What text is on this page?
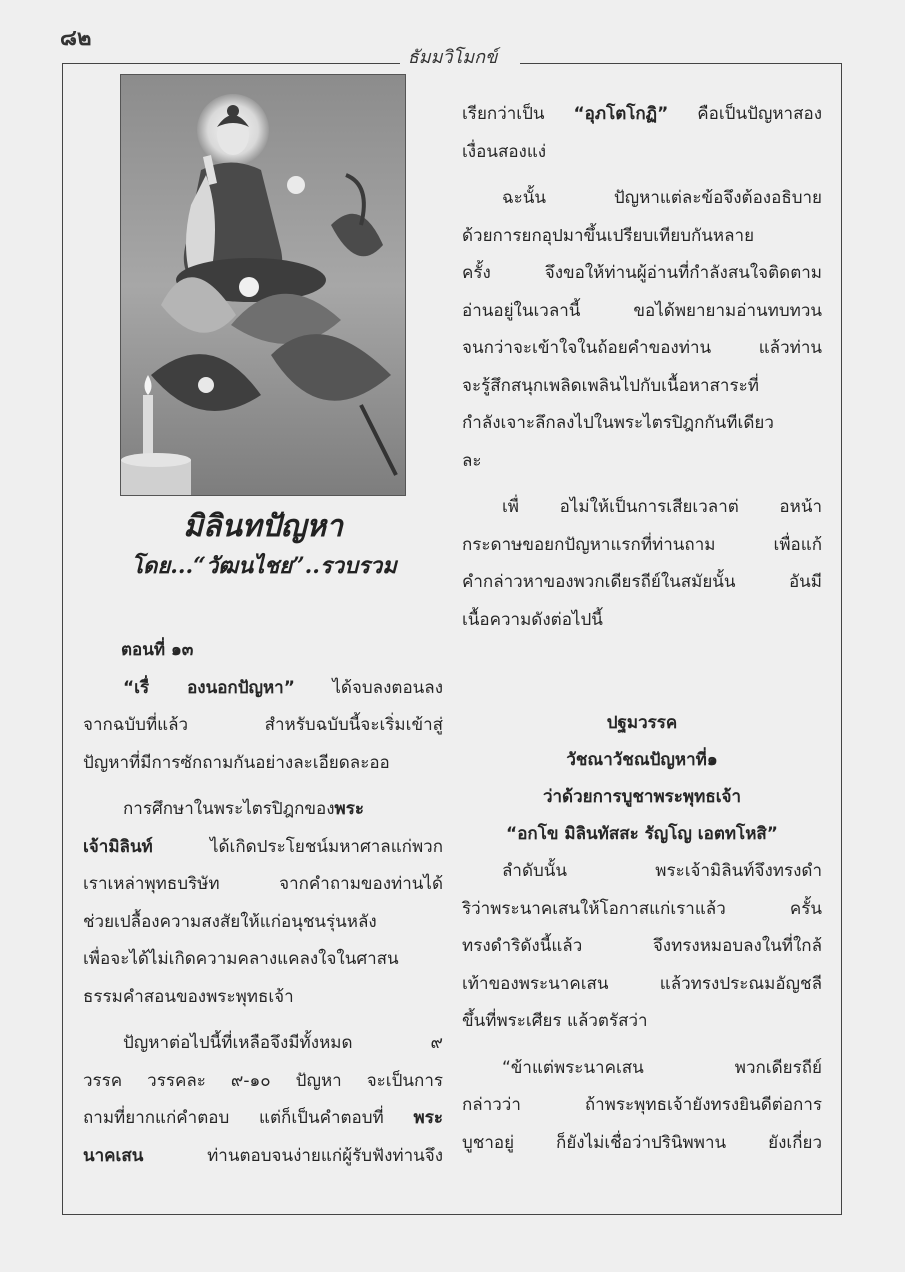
๘๒
ธัมมวิโมกข์
มิลินทปัญหา
โดย...“วัฒนไชย”..รวบรวม

ตอนที่ ๑๓

“เรื่ องนอกปัญหา” ได้จบลงตอนลง

จากฉบับที่แล้ว สำหรับฉบับนี้จะเริ่มเข้าสู่

ปัญหาที่มีการซักถามกันอย่างละเอียดละออ

การศึกษาในพระไตรปิฎกของพระ

เจ้ามิลินท์ ได้เกิดประโยชน์มหาศาลแก่พวก

เราเหล่าพุทธบริษัท จากคำถามของท่านได้

ช่วยเปลื้องความสงสัยให้แก่อนุชนรุ่นหลัง

เพื่อจะได้ไม่เกิดความคลางแคลงใจในศาสน

ธรรมคำสอนของพระพุทธเจ้า

ปัญหาต่อไปนี้ที่เหลือจึงมีทั้งหมด ๙

วรรค วรรคละ ๙-๑๐ ปัญหา จะเป็นการ

ถามที่ยากแก่คำตอบ แต่ก็เป็นคำตอบที่ พระ

นาคเสน ท่านตอบจนง่ายแก่ผู้รับฟังท่านจึง

เรียกว่าเป็น “อุภโตโกฏิ” คือเป็นปัญหาสอง

เงื่อนสองแง่

ฉะนั้น ปัญหาแต่ละข้อจึงต้องอธิบาย

ด้วยการยกอุปมาขึ้นเปรียบเทียบกันหลาย

ครั้ง จึงขอให้ท่านผู้อ่านที่กำลังสนใจติดตาม

อ่านอยู่ในเวลานี้ ขอได้พยายามอ่านทบทวน

จนกว่าจะเข้าใจในถ้อยคำของท่าน แล้วท่าน

จะรู้สึกสนุกเพลิดเพลินไปกับเนื้อหาสาระที่

กำลังเจาะลึกลงไปในพระไตรปิฎกกันทีเดียว

ละ

เพื่ อไม่ให้เป็นการเสียเวลาต่ อหน้า

กระดาษขอยกปัญหาแรกที่ท่านถาม เพื่อแก้

คำกล่าวหาของพวกเดียรถีย์ในสมัยนั้น อันมี

เนื้อความดังต่อไปนี้

ปฐมวรรค

วัชณาวัชณปัญหาที่๑

ว่าด้วยการบูชาพระพุทธเจ้า

“อกโข มิลินทัสสะ รัญโญ เอตทโหสิ”

ลำดับนั้น พระเจ้ามิลินท์จึงทรงดำ

ริว่าพระนาคเสนให้โอกาสแก่เราแล้ว ครั้น

ทรงดำริดังนี้แล้ว จึงทรงหมอบลงในที่ใกล้

เท้าของพระนาคเสน แล้วทรงประณมอัญชลี

ขึ้นที่พระเศียร แล้วตรัสว่า

“ข้าแต่พระนาคเสน พวกเดียรถีย์

กล่าวว่า ถ้าพระพุทธเจ้ายังทรงยินดีต่อการ

บูชาอยู่ ก็ยังไม่เชื่อว่าปรินิพพาน ยังเกี่ยว
